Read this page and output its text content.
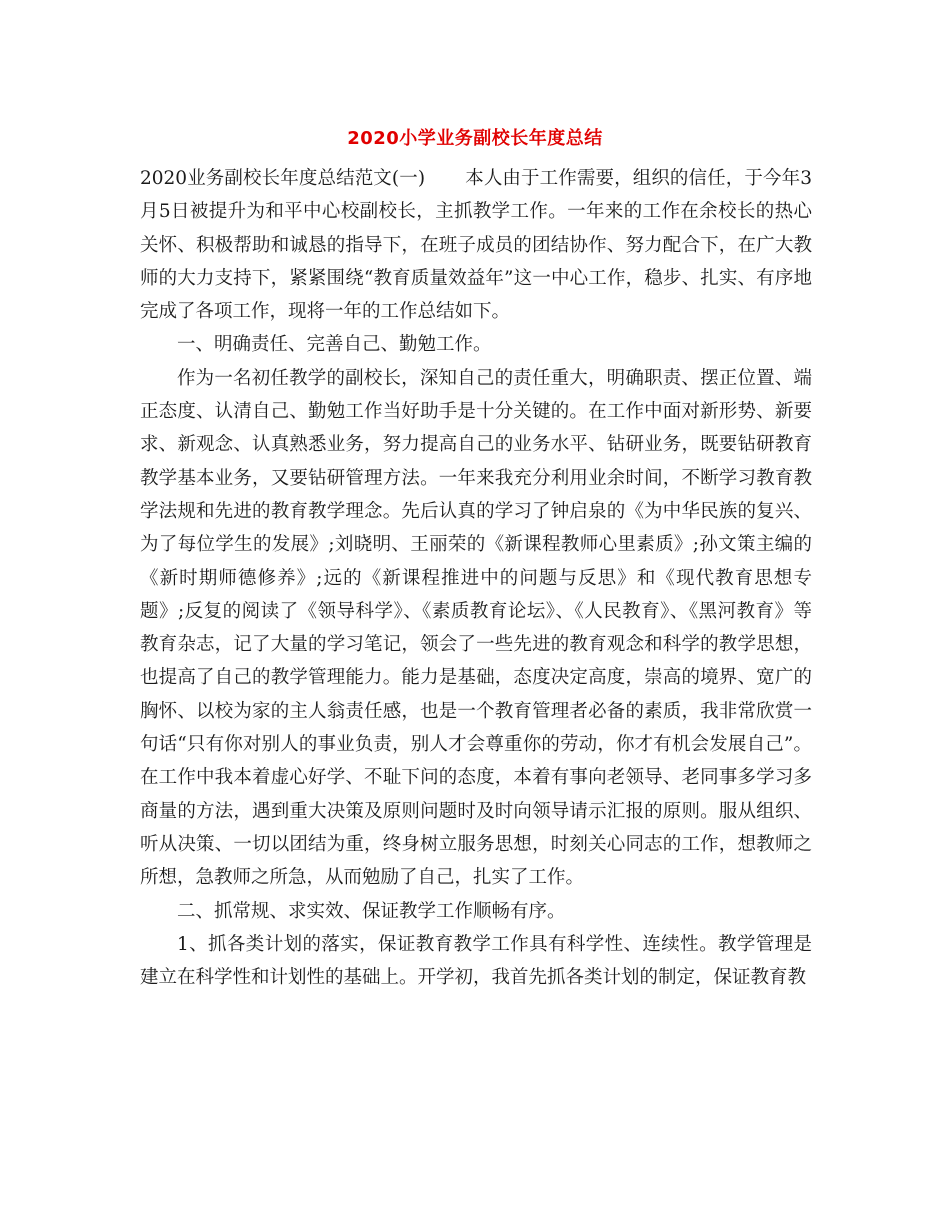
2020小学业务副校长年度总结

2020业务副校长年度总结范文(一) 本人由于工作需要，组织的信任，于今年3月5日被提升为和平中心校副校长，主抓教学工作。一年来的工作在余校长的热心关怀、积极帮助和诚恳的指导下，在班子成员的团结协作、努力配合下，在广大教师的大力支持下，紧紧围绕“教育质量效益年”这一中心工作，稳步、扎实、有序地完成了各项工作，现将一年的工作总结如下。

一、明确责任、完善自己、勤勉工作。

作为一名初任教学的副校长，深知自己的责任重大，明确职责、摆正位置、端正态度、认清自己、勤勉工作当好助手是十分关键的。在工作中面对新形势、新要求、新观念、认真熟悉业务，努力提高自己的业务水平、钻研业务，既要钻研教育教学基本业务，又要钻研管理方法。一年来我充分利用业余时间，不断学习教育教学法规和先进的教育教学理念。先后认真的学习了钟启泉的《为中华民族的复兴、为了每位学生的发展》;刘晓明、王丽荣的《新课程教师心里素质》;孙文策主编的《新时期师德修养》;远的《新课程推进中的问题与反思》和《现代教育思想专题》;反复的阅读了《领导科学》、《素质教育论坛》、《人民教育》、《黑河教育》等教育杂志，记了大量的学习笔记，领会了一些先进的教育观念和科学的教学思想，也提高了自己的教学管理能力。能力是基础，态度决定高度，崇高的境界、宽广的胸怀、以校为家的主人翁责任感，也是一个教育管理者必备的素质，我非常欣赏一句话“只有你对别人的事业负责，别人才会尊重你的劳动，你才有机会发展自己”。在工作中我本着虚心好学、不耻下问的态度，本着有事向老领导、老同事多学习多商量的方法，遇到重大决策及原则问题时及时向领导请示汇报的原则。服从组织、听从决策、一切以团结为重，终身树立服务思想，时刻关心同志的工作，想教师之所想，急教师之所急，从而勉励了自己，扎实了工作。

二、抓常规、求实效、保证教学工作顺畅有序。

1、抓各类计划的落实，保证教育教学工作具有科学性、连续性。教学管理是建立在科学性和计划性的基础上。开学初，我首先抓各类计划的制定，保证教育教
